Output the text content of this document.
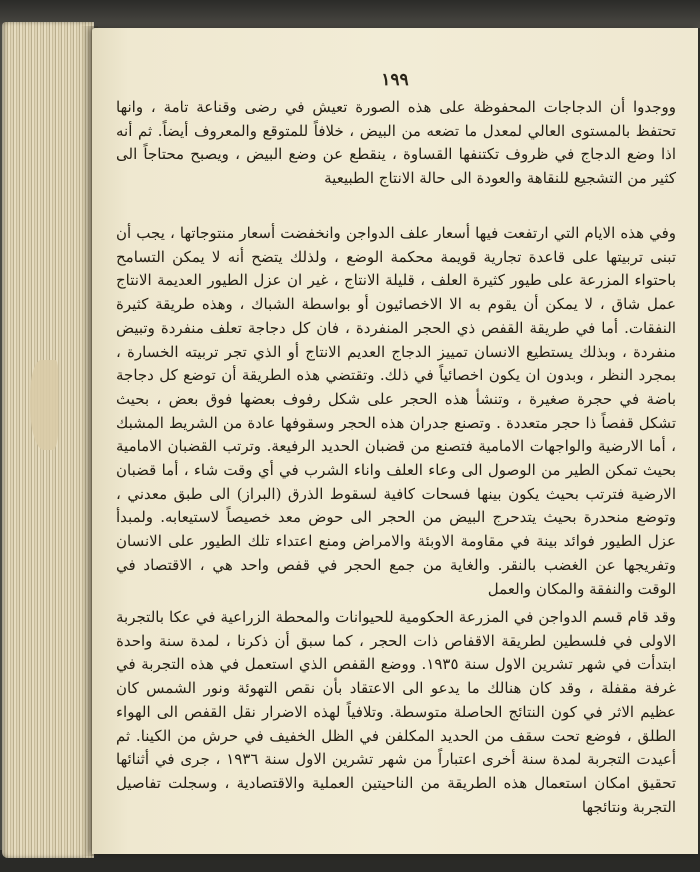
١٩٩

ووجدوا أن الدجاجات المحفوظة على هذه الصورة تعيش في رضى وقناعة تامة ، وانها تحتفظ بالمستوى العالي لمعدل ما تضعه من البيض ، خلافاً للمتوقع والمعروف أيضاً. ثم أنه اذا وضع الدجاج في ظروف تكتنفها القساوة ، ينقطع عن وضع البيض ، ويصبح محتاجاً الى كثير من التشجيع للنقاهة والعودة الى حالة الانتاج الطبيعية

وفي هذه الايام التي ارتفعت فيها أسعار علف الدواجن وانخفضت أسعار منتوجاتها ، يجب أن تبنى تربيتها على قاعدة تجارية قويمة محكمة الوضع ، ولذلك يتضح أنه لا يمكن التسامح باحتواء المزرعة على طيور كثيرة العلف ، قليلة الانتاج ، غير ان عزل الطيور العديمة الانتاج عمل شاق ، لا يمكن أن يقوم به الا الاخصائيون أو بواسطة الشباك ، وهذه طريقة كثيرة النفقات. أما في طريقة القفص ذي الحجر المنفردة ، فان كل دجاجة تعلف منفردة وتبيض منفردة ، وبذلك يستطيع الانسان تمييز الدجاج العديم الانتاج أو الذي تجر تربيته الخسارة ، بمجرد النظر ، وبدون ان يكون اخصائياً في ذلك. وتقتضي هذه الطريقة أن توضع كل دجاجة باضة في حجرة صغيرة ، وتنشأ هذه الحجر على شكل رفوف بعضها فوق بعض ، بحيث تشكل قفصاً ذا حجر متعددة . وتصنع جدران هذه الحجر وسقوفها عادة من الشريط المشبك ، أما الارضية والواجهات الامامية فتصنع من قضبان الحديد الرفيعة. وترتب القضبان الامامية بحيث تمكن الطير من الوصول الى وعاء العلف واناء الشرب في أي وقت شاء ، أما قضبان الارضية فترتب بحيث يكون بينها فسحات كافية لسقوط الذرق (البراز) الى طبق معدني ، وتوضع منحدرة بحيث يتدحرج البيض من الحجر الى حوض معد خصيصاً لاستيعابه. ولمبدأ عزل الطيور فوائد بينة في مقاومة الاوبئة والامراض ومنع اعتداء تلك الطيور على الانسان وتفريجها عن الغضب بالنقر. والغاية من جمع الحجر في قفص واحد هي ، الاقتصاد في الوقت والنفقة والمكان والعمل

وقد قام قسم الدواجن في المزرعة الحكومية للحيوانات والمحطة الزراعية في عكا بالتجربة الاولى في فلسطين لطريقة الاقفاص ذات الحجر ، كما سبق أن ذكرنا ، لمدة سنة واحدة ابتدأت في شهر تشرين الاول سنة ١٩٣٥. ووضع القفص الذي استعمل في هذه التجربة في غرفة مقفلة ، وقد كان هنالك ما يدعو الى الاعتقاد بأن نقص التهوئة ونور الشمس كان عظيم الاثر في كون النتائج الحاصلة متوسطة. وتلافياً لهذه الاضرار نقل القفص الى الهواء الطلق ، فوضع تحت سقف من الحديد المكلفن في الظل الخفيف في حرش من الكينا. ثم أعيدت التجربة لمدة سنة أخرى اعتباراً من شهر تشرين الاول سنة ١٩٣٦ ، جرى في أثنائها تحقيق امكان استعمال هذه الطريقة من الناحيتين العملية والاقتصادية ، وسجلت تفاصيل التجربة ونتائجها
